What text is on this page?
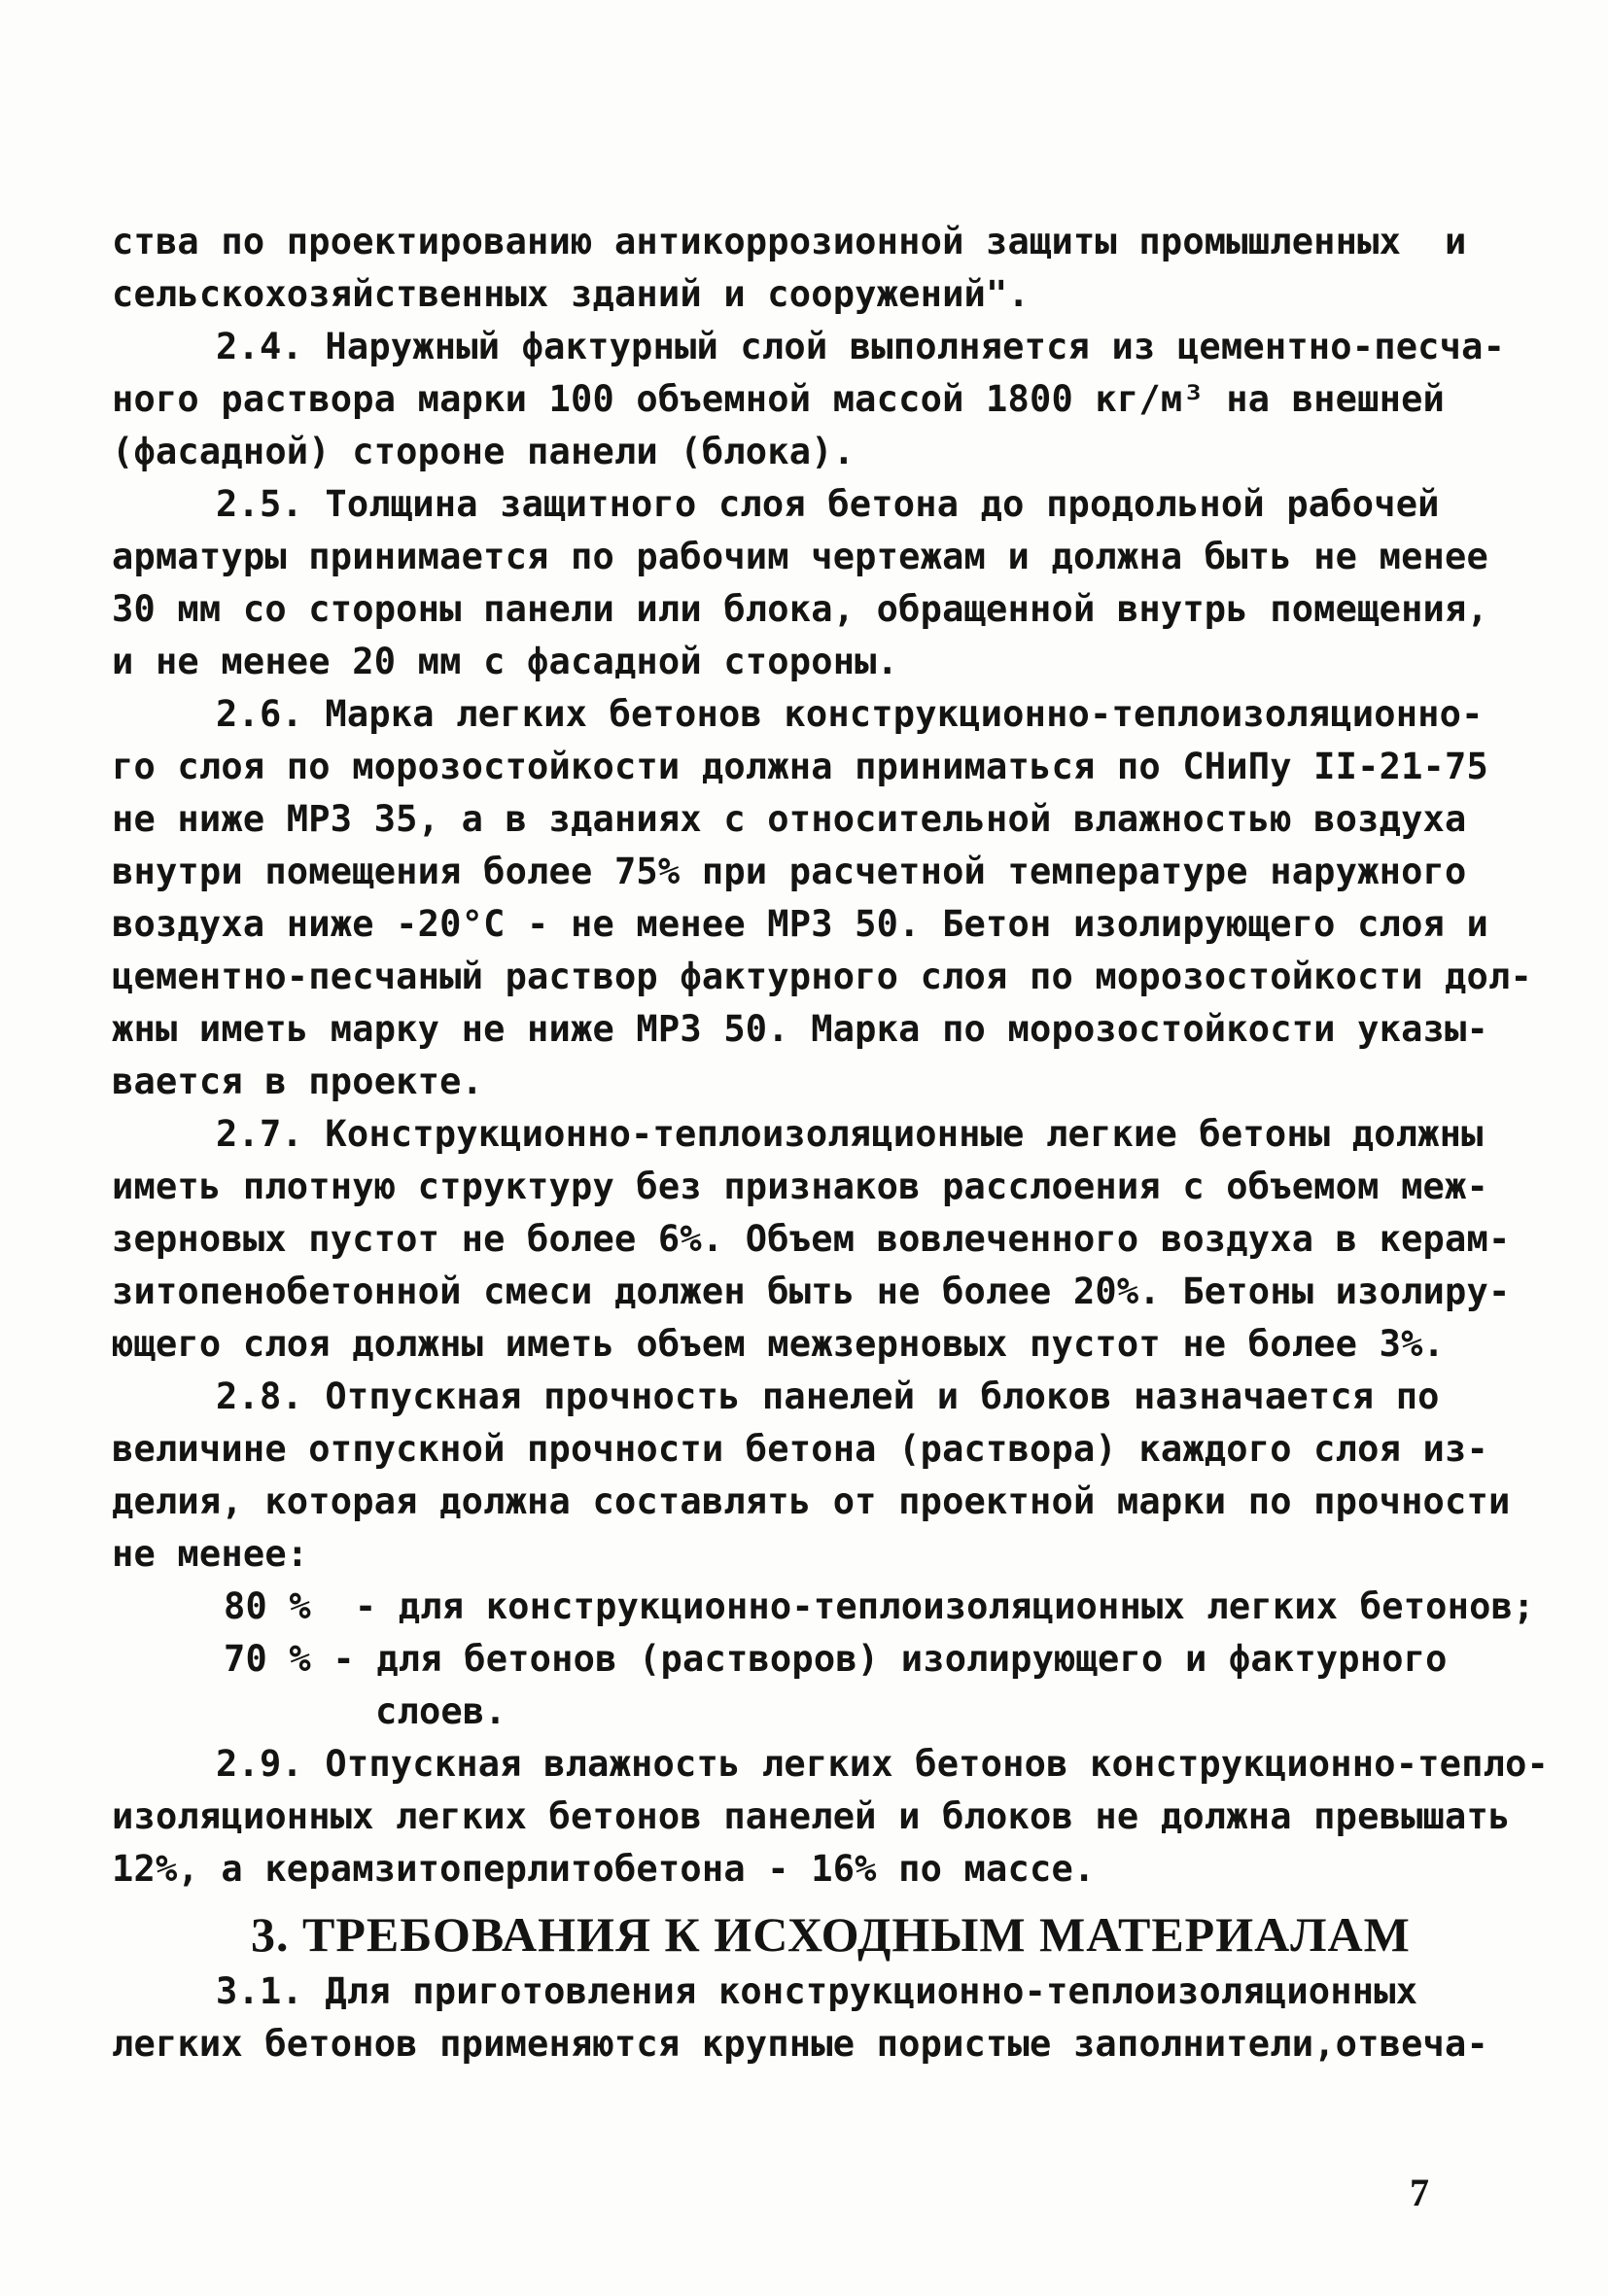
ства по проектированию антикоррозионной защиты промышленных  и

сельскохозяйственных зданий и сооружений".

2.4. Наружный фактурный слой выполняется из цементно-песча-

ного раствора марки 100 объемной массой 1800 кг/м³ на внешней

(фасадной) стороне панели (блока).

2.5. Толщина защитного слоя бетона до продольной рабочей

арматуры принимается по рабочим чертежам и должна быть не менее

30 мм со стороны панели или блока, обращенной внутрь помещения,

и не менее 20 мм с фасадной стороны.

2.6. Марка легких бетонов конструкционно-теплоизоляционно-

го слоя по морозостойкости должна приниматься по СНиПу II-21-75

не ниже МРЗ 35, а в зданиях с относительной влажностью воздуха

внутри помещения более 75% при расчетной температуре наружного

воздуха ниже -20°С - не менее МРЗ 50. Бетон изолирующего слоя и

цементно-песчаный раствор фактурного слоя по морозостойкости дол-

жны иметь марку не ниже МРЗ 50. Марка по морозостойкости указы-

вается в проекте.

2.7. Конструкционно-теплоизоляционные легкие бетоны должны

иметь плотную структуру без признаков расслоения с объемом меж-

зерновых пустот не более 6%. Объем вовлеченного воздуха в керам-

зитопенобетонной смеси должен быть не более 20%. Бетоны изолиру-

ющего слоя должны иметь объем межзерновых пустот не более 3%.

2.8. Отпускная прочность панелей и блоков назначается по

величине отпускной прочности бетона (раствора) каждого слоя из-

делия, которая должна составлять от проектной марки по прочности

не менее:

80 %  - для конструкционно-теплоизоляционных легких бетонов;

70 % - для бетонов (растворов) изолирующего и фактурного

слоев.

2.9. Отпускная влажность легких бетонов конструкционно-тепло-

изоляционных легких бетонов панелей и блоков не должна превышать

12%, а керамзитоперлитобетона - 16% по массе.

3. ТРЕБОВАНИЯ К ИСХОДНЫМ МАТЕРИАЛАМ

3.1. Для приготовления конструкционно-теплоизоляционных

легких бетонов применяются крупные пористые заполнители,отвеча-

7
